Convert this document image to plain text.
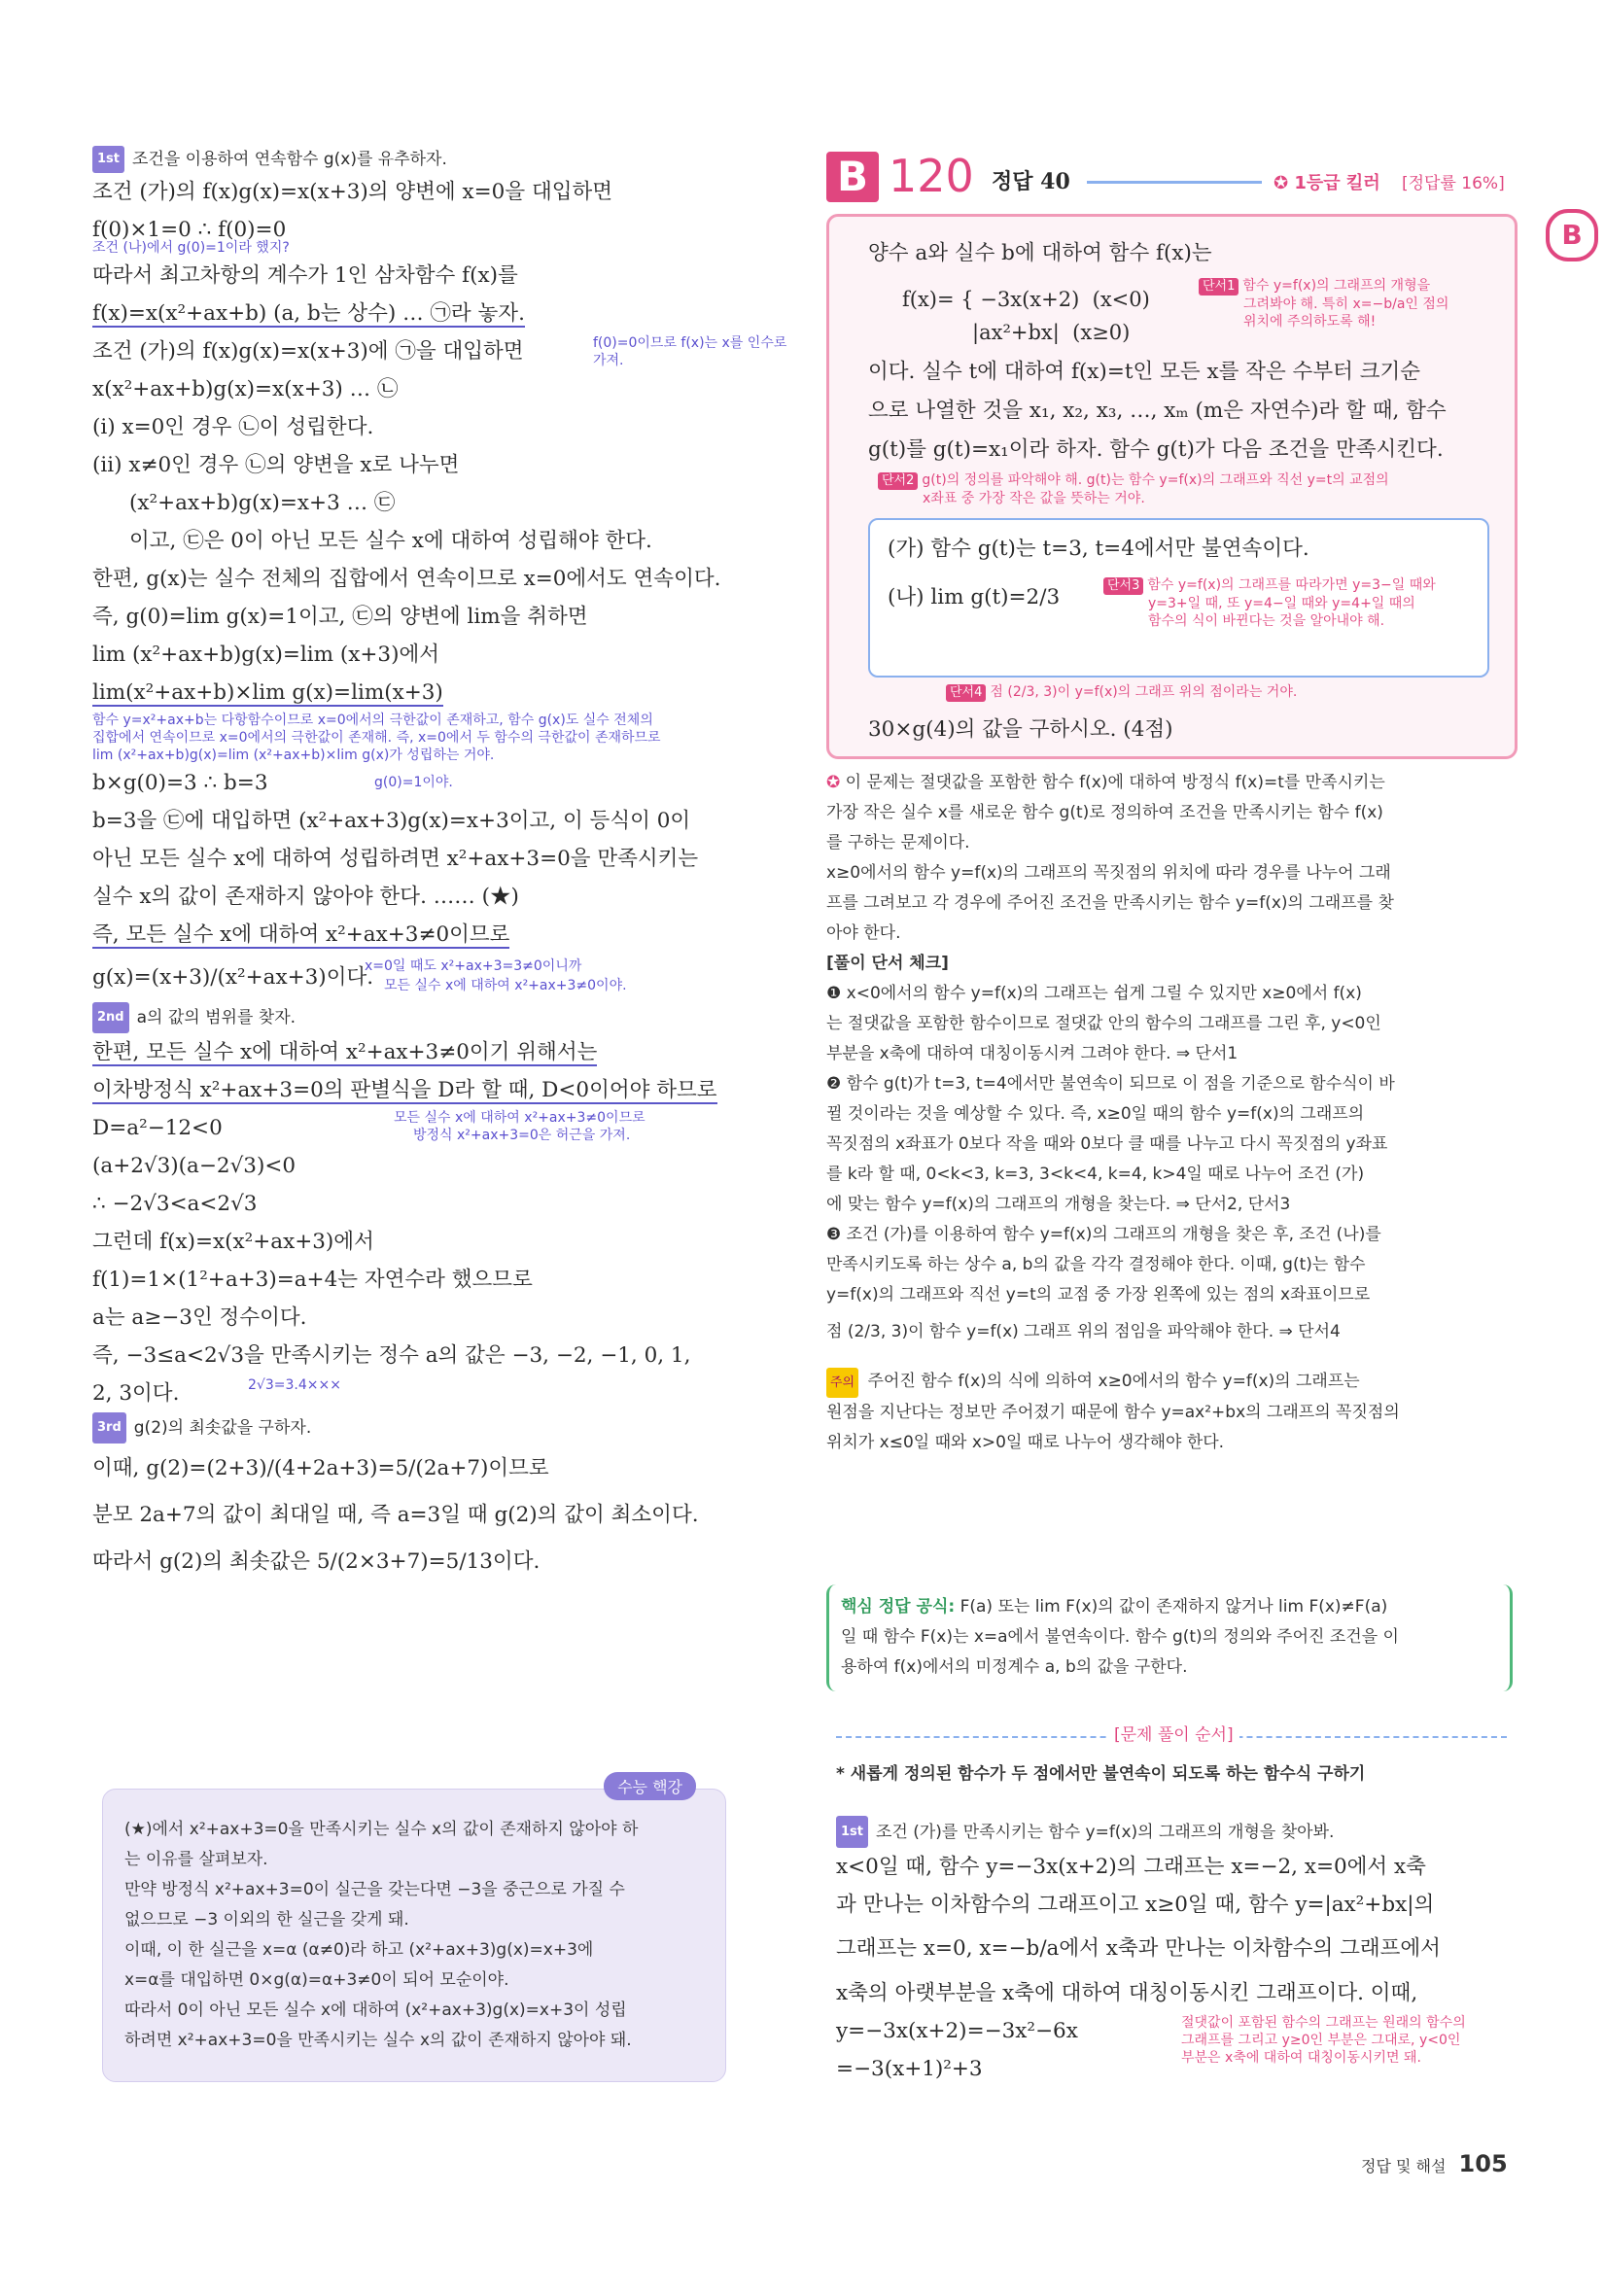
1st 조건을 이용하여 연속함수 g(x)를 유추하자.
조건 (가)의 f(x)g(x)=x(x+3)의 양변에 x=0을 대입하면
f(0)×1=0 ∴ f(0)=0
조건 (나)에서 g(0)=1이라 했지?
따라서 최고차항의 계수가 1인 삼차함수 f(x)를
f(x)=x(x²+ax+b) (a, b는 상수) … ㉠라 놓자.
조건 (가)의 f(x)g(x)=x(x+3)에 ㉠을 대입하면	f(0)=0이므로 f(x)는 x를 인수로 가져.
x(x²+ax+b)g(x)=x(x+3) … ㉡
(i) x=0인 경우 ㉡이 성립한다.
(ii) x≠0인 경우 ㉡의 양변을 x로 나누면
(x²+ax+b)g(x)=x+3 … ㉢
이고, ㉢은 0이 아닌 모든 실수 x에 대하여 성립해야 한다.
한편, g(x)는 실수 전체의 집합에서 연속이므로 x=0에서도 연속이다.
즉, g(0)=lim g(x)=1이고, ㉢의 양변에 lim을 취하면
lim (x²+ax+b)g(x)=lim (x+3)에서
lim(x²+ax+b)×lim g(x)=lim(x+3)
함수 y=x²+ax+b는 다항함수이므로 x=0에서의 극한값이 존재하고, 함수 g(x)도 실수 전체의
집합에서 연속이므로 x=0에서의 극한값이 존재해. 즉, x=0에서 두 함수의 극한값이 존재하므로
lim (x²+ax+b)g(x)=lim (x²+ax+b)×lim g(x)가 성립하는 거야.
b×g(0)=3 ∴ b=3	g(0)=1이야.
b=3을 ㉢에 대입하면 (x²+ax+3)g(x)=x+3이고, 이 등식이 0이
아닌 모든 실수 x에 대하여 성립하려면 x²+ax+3=0을 만족시키는
실수 x의 값이 존재하지 않아야 한다. …… (★)
즉, 모든 실수 x에 대하여 x²+ax+3≠0이므로
g(x)=(x+3)/(x²+ax+3)이다.
x=0일 때도 x²+ax+3=3≠0이니까
모든 실수 x에 대하여 x²+ax+3≠0이야.
2nd a의 값의 범위를 찾자.
한편, 모든 실수 x에 대하여 x²+ax+3≠0이기 위해서는
이차방정식 x²+ax+3=0의 판별식을 D라 할 때, D<0이어야 하므로
D=a²−12<0	모든 실수 x에 대하여 x²+ax+3≠0이므로
방정식 x²+ax+3=0은 허근을 가져.
(a+2√3)(a−2√3)<0
∴ −2√3<a<2√3
그런데 f(x)=x(x²+ax+3)에서
f(1)=1×(1²+a+3)=a+4는 자연수라 했으므로
a는 a≥−3인 정수이다.
즉, −3≤a<2√3을 만족시키는 정수 a의 값은 −3, −2, −1, 0, 1,
2, 3이다.	2√3=3.4×××
3rd g(2)의 최솟값을 구하자.
이때, g(2)=(2+3)/(4+2a+3)=5/(2a+7)이므로
분모 2a+7의 값이 최대일 때, 즉 a=3일 때 g(2)의 값이 최소이다.
따라서 g(2)의 최솟값은 5/(2×3+7)=5/13이다.
수능 핵강
(★)에서 x²+ax+3=0을 만족시키는 실수 x의 값이 존재하지 않아야 하
는 이유를 살펴보자.
만약 방정식 x²+ax+3=0이 실근을 갖는다면 −3을 중근으로 가질 수
없으므로 −3 이외의 한 실근을 갖게 돼.
이때, 이 한 실근을 x=α (α≠0)라 하고 (x²+ax+3)g(x)=x+3에
x=α를 대입하면 0×g(α)=α+3≠0이 되어 모순이야.
따라서 0이 아닌 모든 실수 x에 대하여 (x²+ax+3)g(x)=x+3이 성립
하려면 x²+ax+3=0을 만족시키는 실수 x의 값이 존재하지 않아야 돼.
B 120 정답 40	✪ 1등급 킬러 [정답률 16%]
양수 a와 실수 b에 대하여 함수 f(x)는
f(x)= { −3x(x+2)  (x<0)
|ax²+bx|  (x≥0)
단서1 함수 y=f(x)의 그래프의 개형을
그려봐야 해. 특히 x=−b/a인 점의
위치에 주의하도록 해!
이다. 실수 t에 대하여 f(x)=t인 모든 x를 작은 수부터 크기순
으로 나열한 것을 x₁, x₂, x₃, …, xₘ (m은 자연수)라 할 때, 함수
g(t)를 g(t)=x₁이라 하자. 함수 g(t)가 다음 조건을 만족시킨다.
단서2 g(t)의 정의를 파악해야 해. g(t)는 함수 y=f(x)의 그래프와 직선 y=t의 교점의
x좌표 중 가장 작은 값을 뜻하는 거야.
(가) 함수 g(t)는 t=3, t=4에서만 불연속이다.
(나) lim g(t)=2/3	단서3 함수 y=f(x)의 그래프를 따라가면 y=3−일 때와
y=3+일 때, 또 y=4−일 때와 y=4+일 때의
함수의 식이 바뀐다는 것을 알아내야 해.
단서4 점 (2/3, 3)이 y=f(x)의 그래프 위의 점이라는 거야.
30×g(4)의 값을 구하시오. (4점)
✪ 이 문제는 절댓값을 포함한 함수 f(x)에 대하여 방정식 f(x)=t를 만족시키는
가장 작은 실수 x를 새로운 함수 g(t)로 정의하여 조건을 만족시키는 함수 f(x)
를 구하는 문제이다.
x≥0에서의 함수 y=f(x)의 그래프의 꼭짓점의 위치에 따라 경우를 나누어 그래
프를 그려보고 각 경우에 주어진 조건을 만족시키는 함수 y=f(x)의 그래프를 찾
아야 한다.
[풀이 단서 체크]
❶ x<0에서의 함수 y=f(x)의 그래프는 쉽게 그릴 수 있지만 x≥0에서 f(x)
는 절댓값을 포함한 함수이므로 절댓값 안의 함수의 그래프를 그린 후, y<0인
부분을 x축에 대하여 대칭이동시켜 그려야 한다. ⇒ 단서1
❷ 함수 g(t)가 t=3, t=4에서만 불연속이 되므로 이 점을 기준으로 함수식이 바
뀔 것이라는 것을 예상할 수 있다. 즉, x≥0일 때의 함수 y=f(x)의 그래프의
꼭짓점의 x좌표가 0보다 작을 때와 0보다 클 때를 나누고 다시 꼭짓점의 y좌표
를 k라 할 때, 0<k<3, k=3, 3<k<4, k=4, k>4일 때로 나누어 조건 (가)
에 맞는 함수 y=f(x)의 그래프의 개형을 찾는다. ⇒ 단서2, 단서3
❸ 조건 (가)를 이용하여 함수 y=f(x)의 그래프의 개형을 찾은 후, 조건 (나)를
만족시키도록 하는 상수 a, b의 값을 각각 결정해야 한다. 이때, g(t)는 함수
y=f(x)의 그래프와 직선 y=t의 교점 중 가장 왼쪽에 있는 점의 x좌표이므로
점 (2/3, 3)이 함수 y=f(x) 그래프 위의 점임을 파악해야 한다. ⇒ 단서4
주의 주어진 함수 f(x)의 식에 의하여 x≥0에서의 함수 y=f(x)의 그래프는
원점을 지난다는 정보만 주어졌기 때문에 함수 y=ax²+bx의 그래프의 꼭짓점의
위치가 x≤0일 때와 x>0일 때로 나누어 생각해야 한다.
핵심 정답 공식: F(a) 또는 lim F(x)의 값이 존재하지 않거나 lim F(x)≠F(a)
일 때 함수 F(x)는 x=a에서 불연속이다. 함수 g(t)의 정의와 주어진 조건을 이
용하여 f(x)에서의 미정계수 a, b의 값을 구한다.
[문제 풀이 순서]
* 새롭게 정의된 함수가 두 점에서만 불연속이 되도록 하는 함수식 구하기
1st 조건 (가)를 만족시키는 함수 y=f(x)의 그래프의 개형을 찾아봐.
x<0일 때, 함수 y=−3x(x+2)의 그래프는 x=−2, x=0에서 x축
과 만나는 이차함수의 그래프이고 x≥0일 때, 함수 y=|ax²+bx|의
그래프는 x=0, x=−b/a에서 x축과 만나는 이차함수의 그래프에서
x축의 아랫부분을 x축에 대하여 대칭이동시킨 그래프이다. 이때,
y=−3x(x+2)=−3x²−6x	절댓값이 포함된 함수의 그래프는 원래의 함수의
그래프를 그리고 y≥0인 부분은 그대로, y<0인
부분은 x축에 대하여 대칭이동시키면 돼.
=−3(x+1)²+3
B
정답 및 해설 105
